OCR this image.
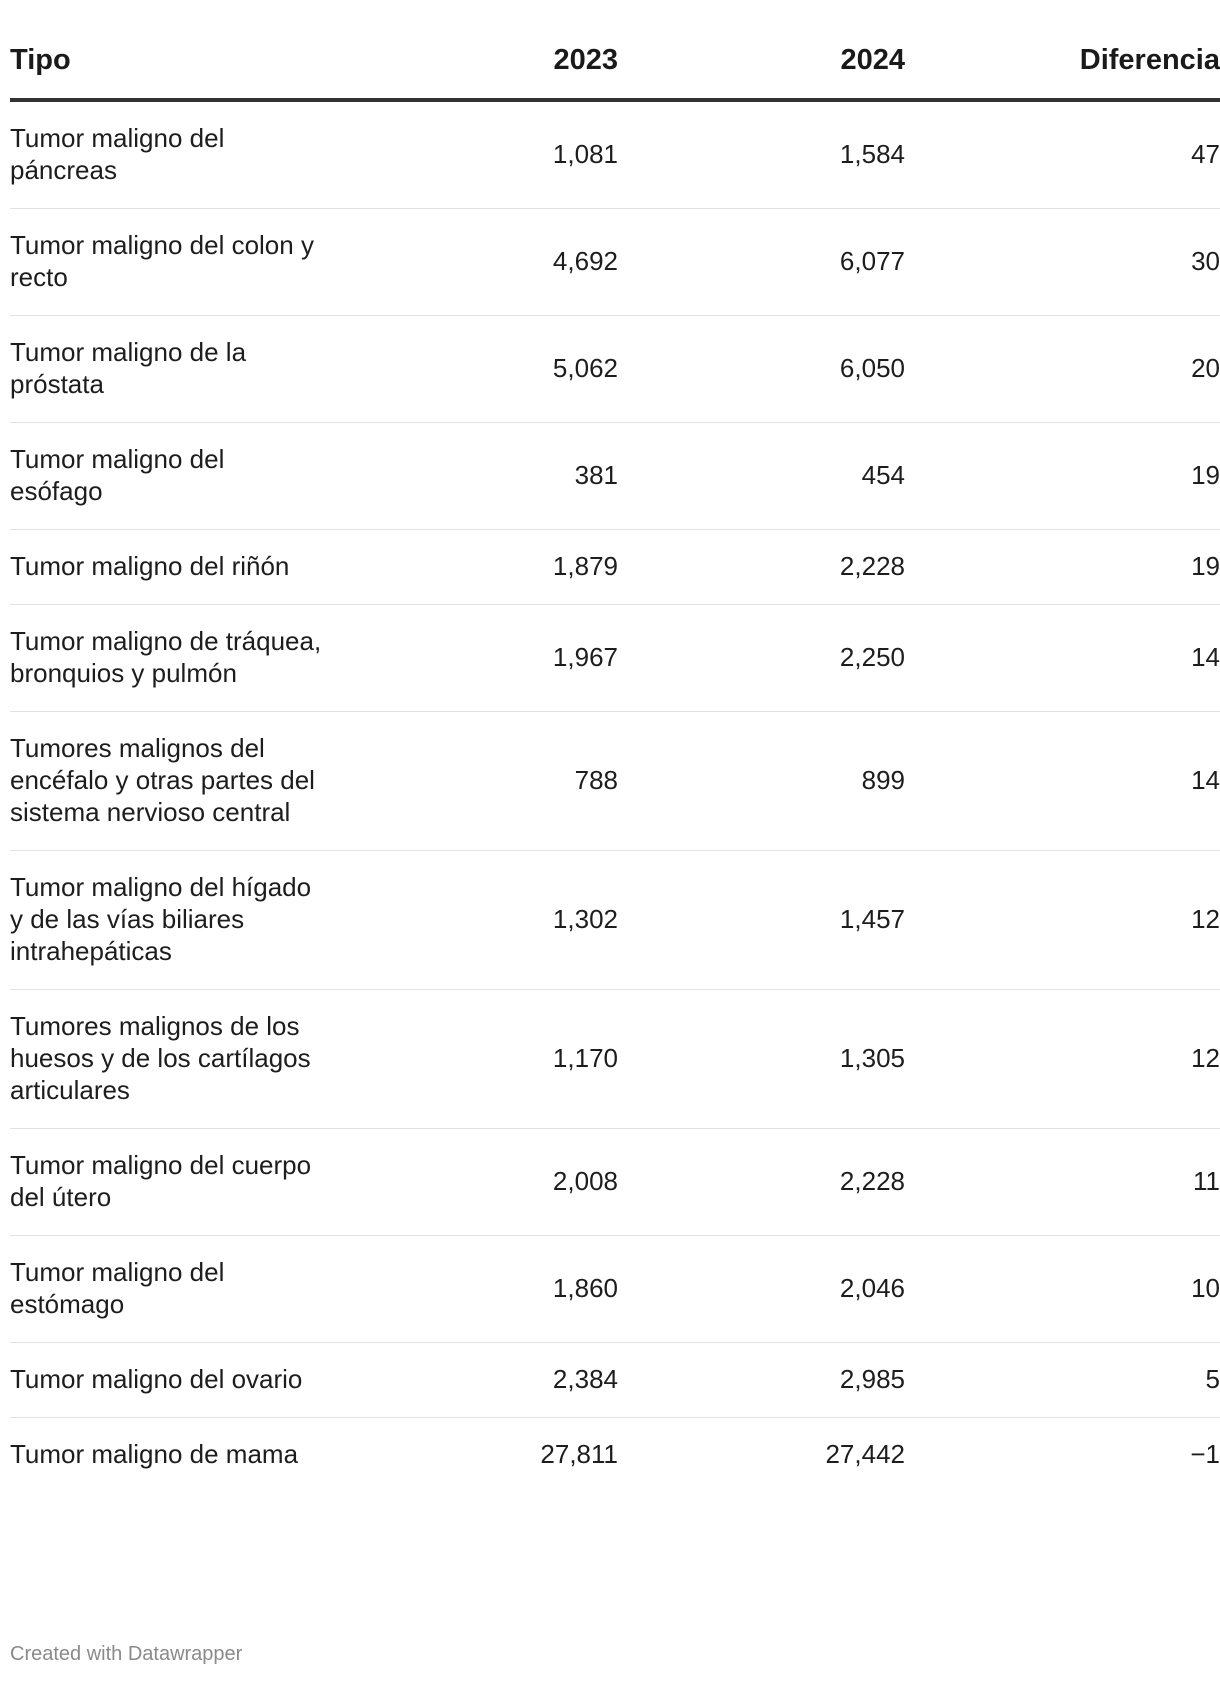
Tipo	2023	2024	Diferencia
Tumor maligno del páncreas	1,081	1,584	47
Tumor maligno del colon y recto	4,692	6,077	30
Tumor maligno de la próstata	5,062	6,050	20
Tumor maligno del esófago	381	454	19
Tumor maligno del riñón	1,879	2,228	19
Tumor maligno de tráquea, bronquios y pulmón	1,967	2,250	14
Tumores malignos del encéfalo y otras partes del sistema nervioso central	788	899	14
Tumor maligno del hígado y de las vías biliares intrahepáticas	1,302	1,457	12
Tumores malignos de los huesos y de los cartílagos articulares	1,170	1,305	12
Tumor maligno del cuerpo del útero	2,008	2,228	11
Tumor maligno del estómago	1,860	2,046	10
Tumor maligno del ovario	2,384	2,985	5
Tumor maligno de mama	27,811	27,442	−1
Created with Datawrapper
